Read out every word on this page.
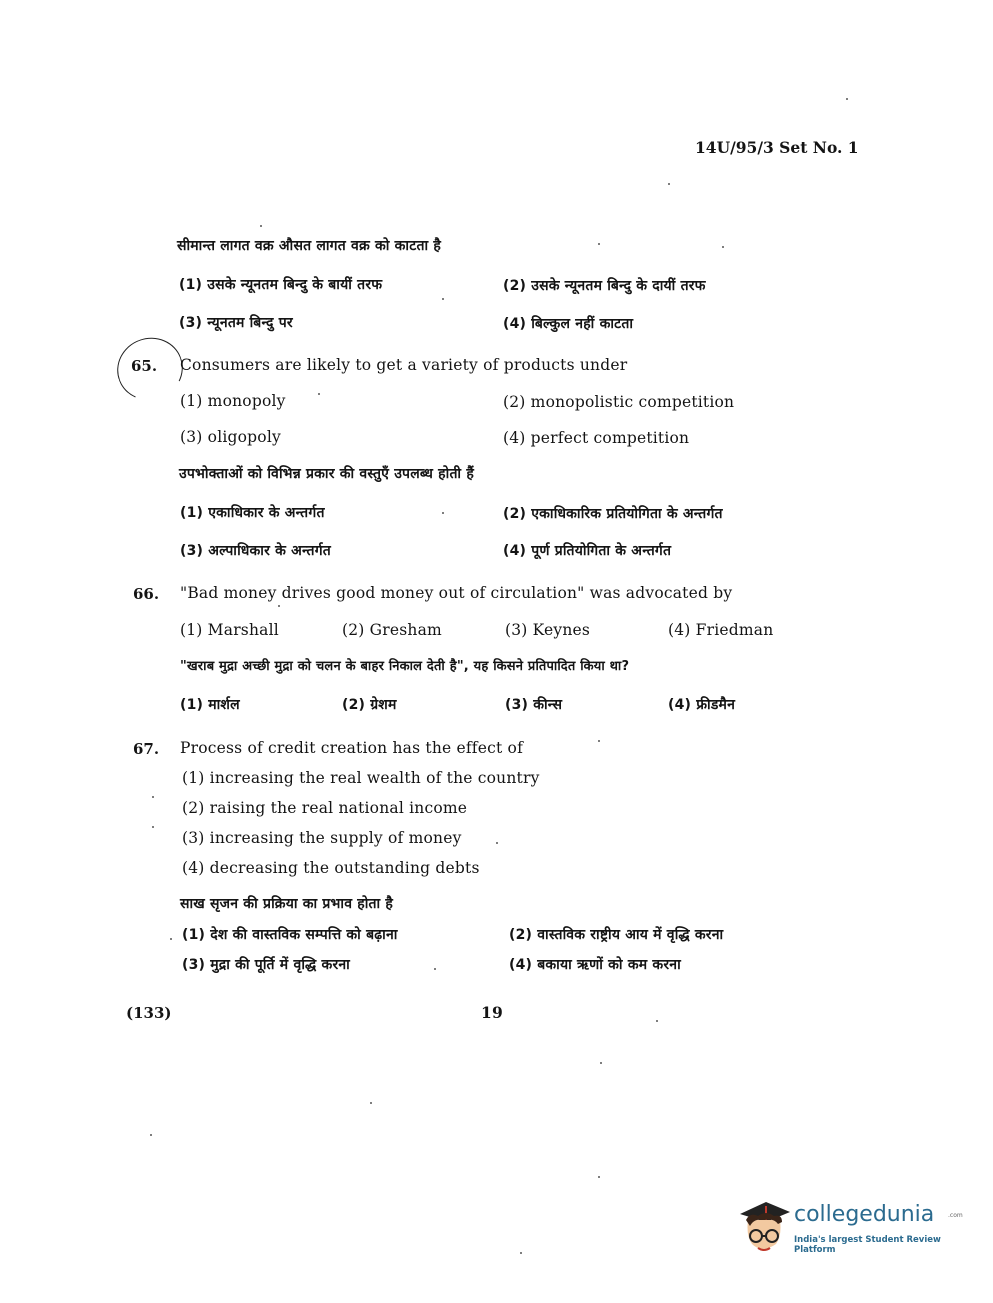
14U/95/3 Set No. 1
सीमान्त लागत वक्र औसत लागत वक्र को काटता है
(1) उसके न्यूनतम बिन्दु के बायीं तरफ	(2) उसके न्यूनतम बिन्दु के दायीं तरफ
(3) न्यूनतम बिन्दु पर	(4) बिल्कुल नहीं काटता
65. Consumers are likely to get a variety of products under
(1) monopoly	(2) monopolistic competition
(3) oligopoly	(4) perfect competition
उपभोक्ताओं को विभिन्न प्रकार की वस्तुएँ उपलब्ध होती हैं
(1) एकाधिकार के अन्तर्गत	(2) एकाधिकारिक प्रतियोगिता के अन्तर्गत
(3) अल्पाधिकार के अन्तर्गत	(4) पूर्ण प्रतियोगिता के अन्तर्गत
66. "Bad money drives good money out of circulation" was advocated by
(1) Marshall	(2) Gresham	(3) Keynes	(4) Friedman
"खराब मुद्रा अच्छी मुद्रा को चलन के बाहर निकाल देती है", यह किसने प्रतिपादित किया था?
(1) मार्शल	(2) ग्रेशम	(3) कीन्स	(4) फ्रीडमैन
67. Process of credit creation has the effect of
(1) increasing the real wealth of the country
(2) raising the real national income
(3) increasing the supply of money
(4) decreasing the outstanding debts
साख सृजन की प्रक्रिया का प्रभाव होता है
(1) देश की वास्तविक सम्पत्ति को बढ़ाना	(2) वास्तविक राष्ट्रीय आय में वृद्धि करना
(3) मुद्रा की पूर्ति में वृद्धि करना	(4) बकाया ऋणों को कम करना
(133)	19
collegedunia .com
India's largest Student Review Platform
